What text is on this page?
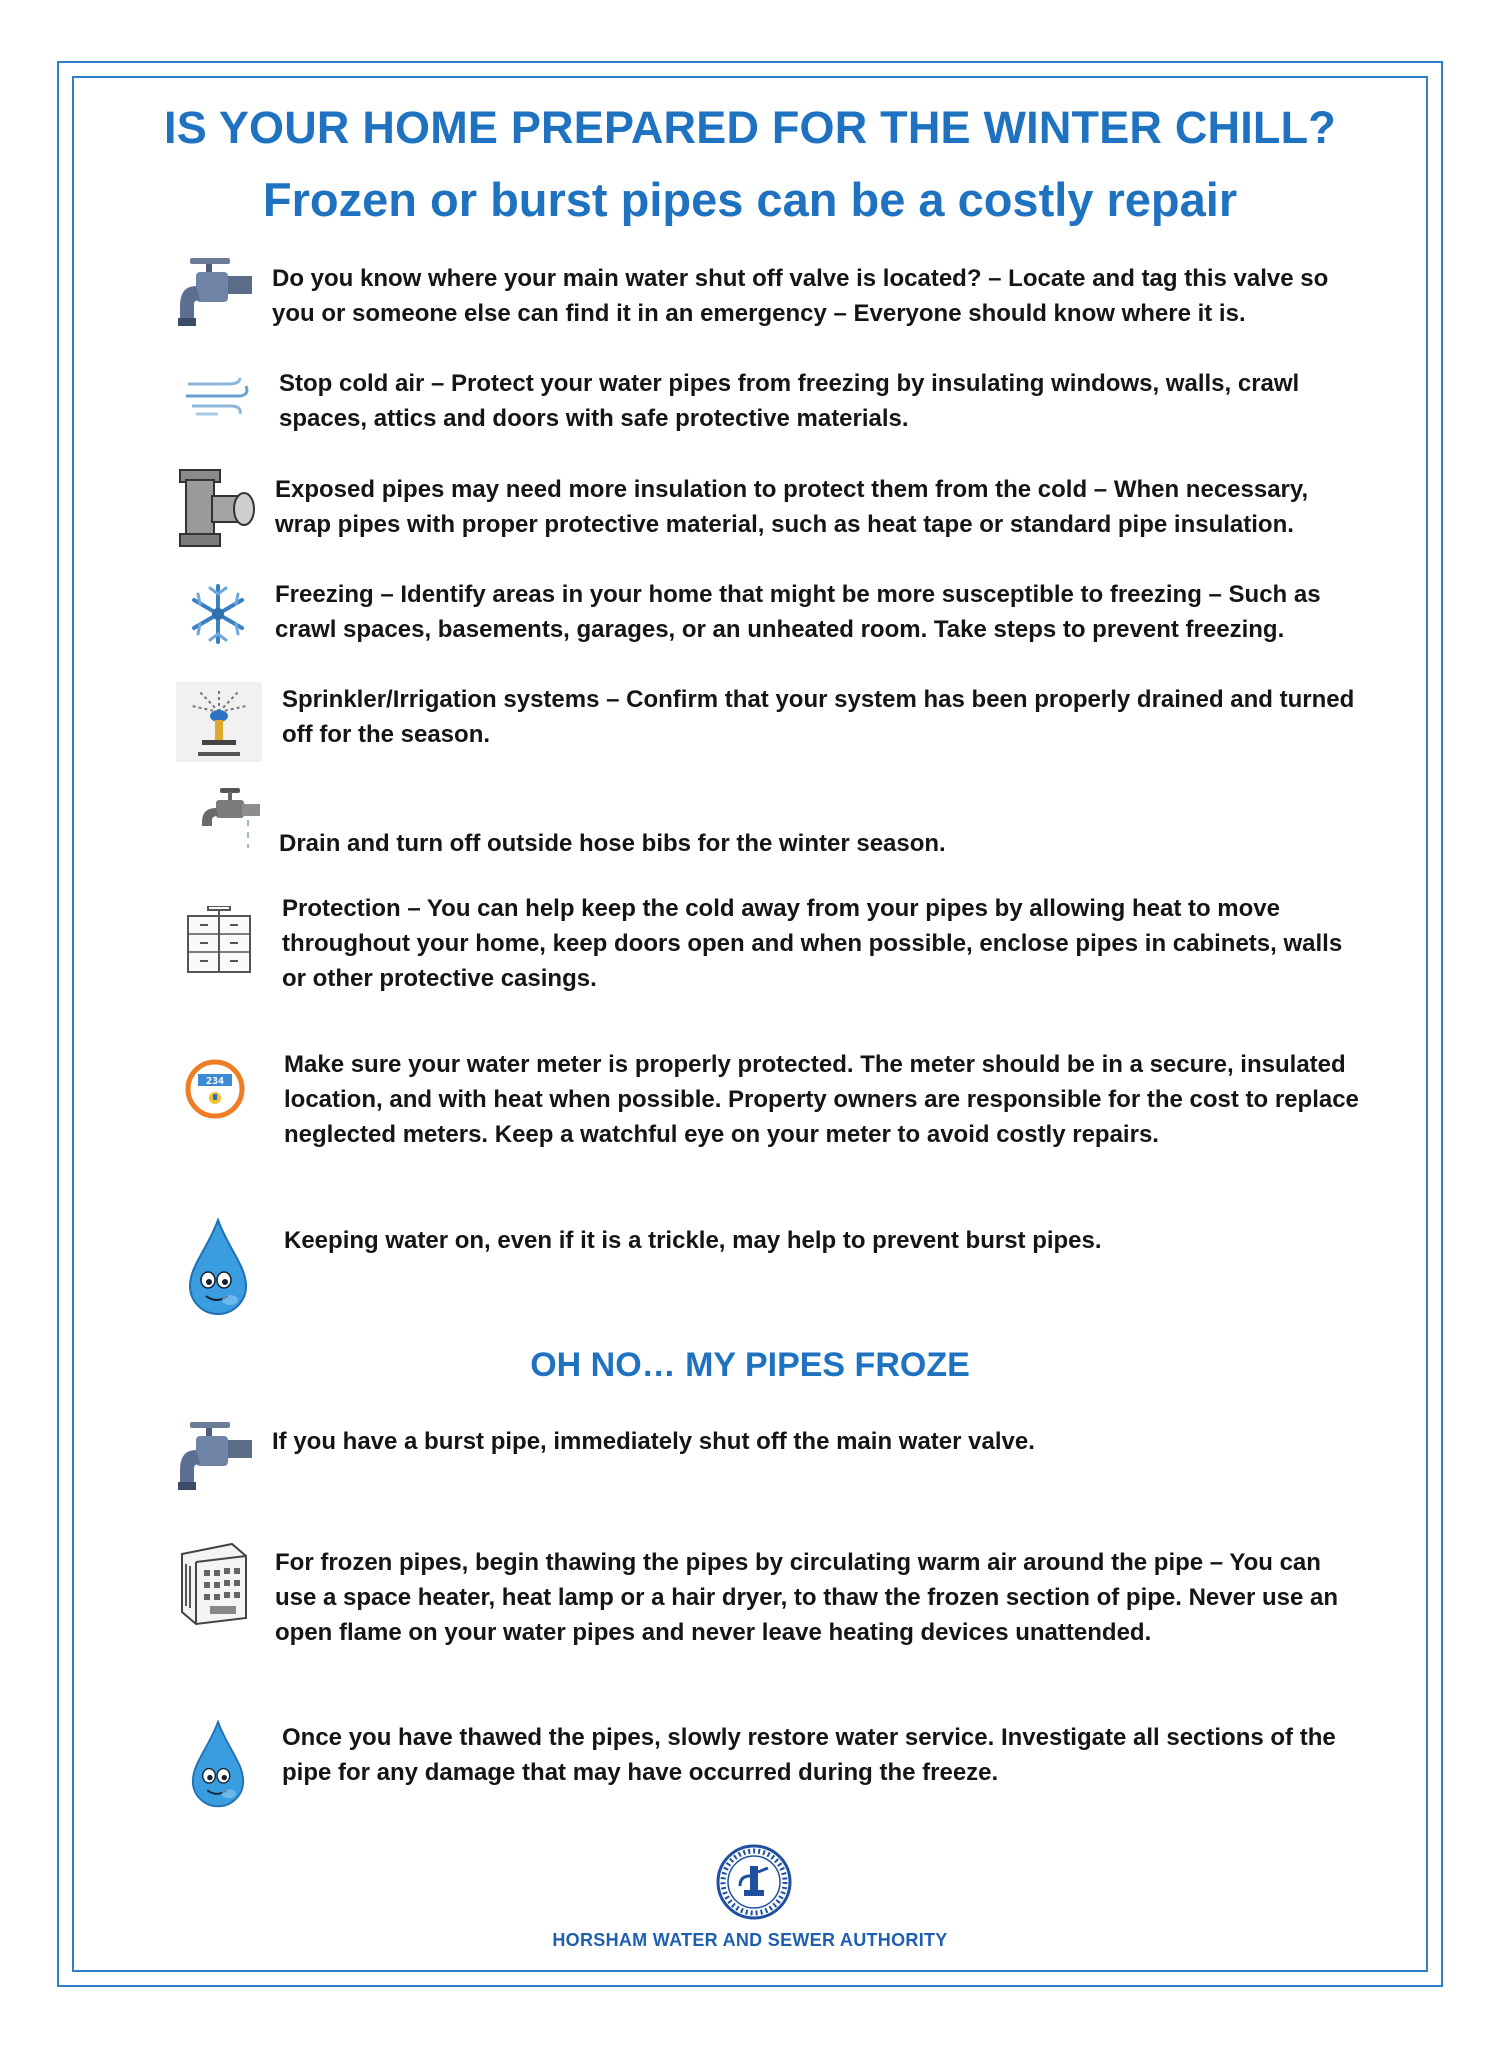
IS YOUR HOME PREPARED FOR THE WINTER CHILL?
Frozen or burst pipes can be a costly repair

Do you know where your main water shut off valve is located? – Locate and tag this valve so you or someone else can find it in an emergency – Everyone should know where it is.

Stop cold air – Protect your water pipes from freezing by insulating windows, walls, crawl spaces, attics and doors with safe protective materials.

Exposed pipes may need more insulation to protect them from the cold – When necessary, wrap pipes with proper protective material, such as heat tape or standard pipe insulation.

Freezing – Identify areas in your home that might be more susceptible to freezing – Such as crawl spaces, basements, garages, or an unheated room. Take steps to prevent freezing.

Sprinkler/Irrigation systems – Confirm that your system has been properly drained and turned off for the season.

Drain and turn off outside hose bibs for the winter season.

Protection – You can help keep the cold away from your pipes by allowing heat to move throughout your home, keep doors open and when possible, enclose pipes in cabinets, walls or other protective casings.

234

Make sure your water meter is properly protected. The meter should be in a secure, insulated location, and with heat when possible. Property owners are responsible for the cost to replace neglected meters. Keep a watchful eye on your meter to avoid costly repairs.

Keeping water on, even if it is a trickle, may help to prevent burst pipes.

OH NO… MY PIPES FROZE

If you have a burst pipe, immediately shut off the main water valve.

For frozen pipes, begin thawing the pipes by circulating warm air around the pipe – You can use a space heater, heat lamp or a hair dryer, to thaw the frozen section of pipe. Never use an open flame on your water pipes and never leave heating devices unattended.

Once you have thawed the pipes, slowly restore water service. Investigate all sections of the pipe for any damage that may have occurred during the freeze.

HORSHAM WATER AND SEWER AUTHORITY
